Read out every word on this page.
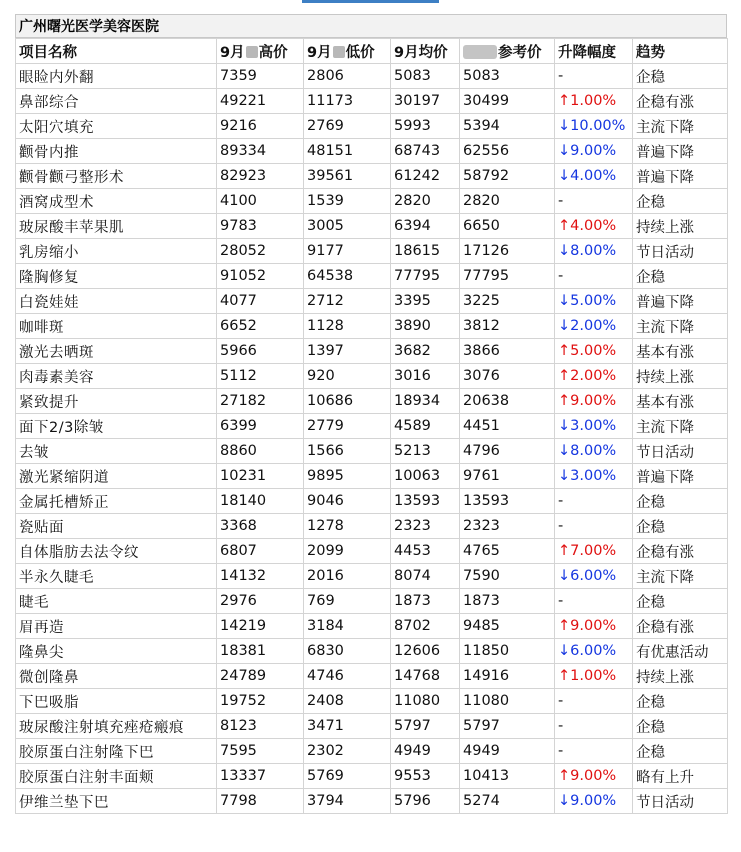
广州曙光医学美容医院
项目名称	9月 高价	9月 低价	9月均价	参考价	升降幅度	趋势
眼睑内外翻	7359	2806	5083	5083	-	企稳
鼻部综合	49221	11173	30197	30499	↑1.00%	企稳有涨
太阳穴填充	9216	2769	5993	5394	↓10.00%	主流下降
颧骨内推	89334	48151	68743	62556	↓9.00%	普遍下降
颧骨颧弓整形术	82923	39561	61242	58792	↓4.00%	普遍下降
酒窝成型术	4100	1539	2820	2820	-	企稳
玻尿酸丰苹果肌	9783	3005	6394	6650	↑4.00%	持续上涨
乳房缩小	28052	9177	18615	17126	↓8.00%	节日活动
隆胸修复	91052	64538	77795	77795	-	企稳
白瓷娃娃	4077	2712	3395	3225	↓5.00%	普遍下降
咖啡斑	6652	1128	3890	3812	↓2.00%	主流下降
激光去晒斑	5966	1397	3682	3866	↑5.00%	基本有涨
肉毒素美容	5112	920	3016	3076	↑2.00%	持续上涨
紧致提升	27182	10686	18934	20638	↑9.00%	基本有涨
面下2/3除皱	6399	2779	4589	4451	↓3.00%	主流下降
去皱	8860	1566	5213	4796	↓8.00%	节日活动
激光紧缩阴道	10231	9895	10063	9761	↓3.00%	普遍下降
金属托槽矫正	18140	9046	13593	13593	-	企稳
瓷贴面	3368	1278	2323	2323	-	企稳
自体脂肪去法令纹	6807	2099	4453	4765	↑7.00%	企稳有涨
半永久睫毛	14132	2016	8074	7590	↓6.00%	主流下降
睫毛	2976	769	1873	1873	-	企稳
眉再造	14219	3184	8702	9485	↑9.00%	企稳有涨
隆鼻尖	18381	6830	12606	11850	↓6.00%	有优惠活动
微创隆鼻	24789	4746	14768	14916	↑1.00%	持续上涨
下巴吸脂	19752	2408	11080	11080	-	企稳
玻尿酸注射填充痤疮瘢痕	8123	3471	5797	5797	-	企稳
胶原蛋白注射隆下巴	7595	2302	4949	4949	-	企稳
胶原蛋白注射丰面颊	13337	5769	9553	10413	↑9.00%	略有上升
伊维兰垫下巴	7798	3794	5796	5274	↓9.00%	节日活动
